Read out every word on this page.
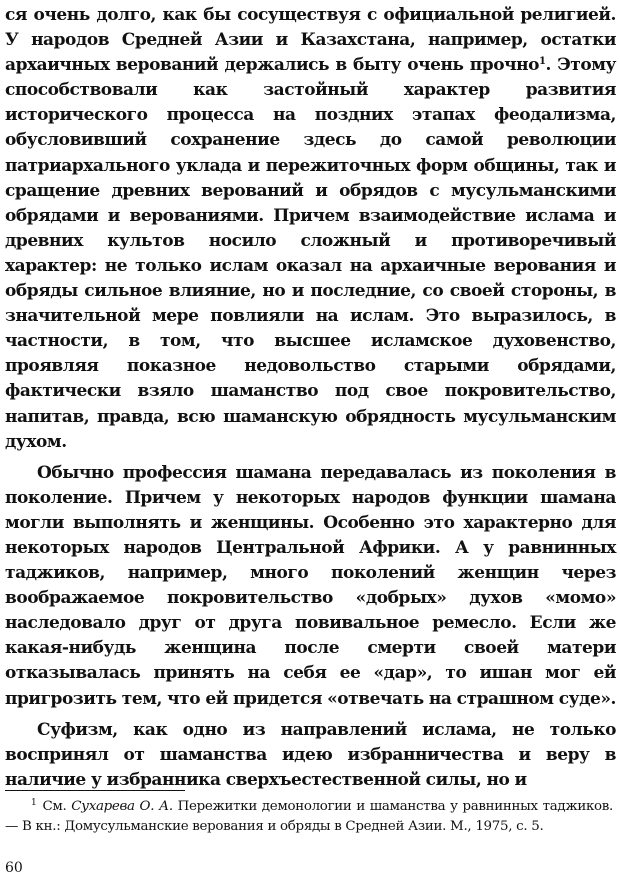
ся очень долго, как бы сосуществуя с официальной религией. У народов Средней Азии и Казахстана, например, остатки архаичных верований держались в быту очень прочно$^1$. Этому способствовали как застойный характер развития исторического процесса на поздних этапах феодализма, обусловивший сохранение здесь до самой революции патриархального уклада и пережиточных форм общины, так и сращение древних верований и обрядов с мусульманскими обрядами и верованиями. Причем взаимодействие ислама и древних культов носило сложный и противоречивый характер: не только ислам оказал на архаичные верования и обряды сильное влияние, но и последние, со своей стороны, в значительной мере повлияли на ислам. Это выразилось, в частности, в том, что высшее исламское духовенство, проявляя показное недовольство старыми обрядами, фактически взяло шаманство под свое покровительство, напитав, правда, всю шаманскую обрядность мусульманским духом.

Обычно профессия шамана передавалась из поколения в поколение. Причем у некоторых народов функции шамана могли выполнять и женщины. Особенно это характерно для некоторых народов Центральной Африки. А у равнинных таджиков, например, много поколений женщин через воображаемое покровительство «добрых» духов «момо» наследовало друг от друга повивальное ремесло. Если же какая-нибудь женщина после смерти своей матери отказывалась принять на себя ее «дар», то ишан мог ей пригрозить тем, что ей придется «отвечать на страшном суде».

Суфизм, как одно из направлений ислама, не только воспринял от шаманства идею избранничества и веру в наличие у избранника сверхъестественной силы, но и

$^1$ См. Сухарева О. А. Пережитки демонологии и шаманства у равнинных таджиков.— В кн.: Домусульманские верования и обряды в Средней Азии. М., 1975, с. 5.
60
